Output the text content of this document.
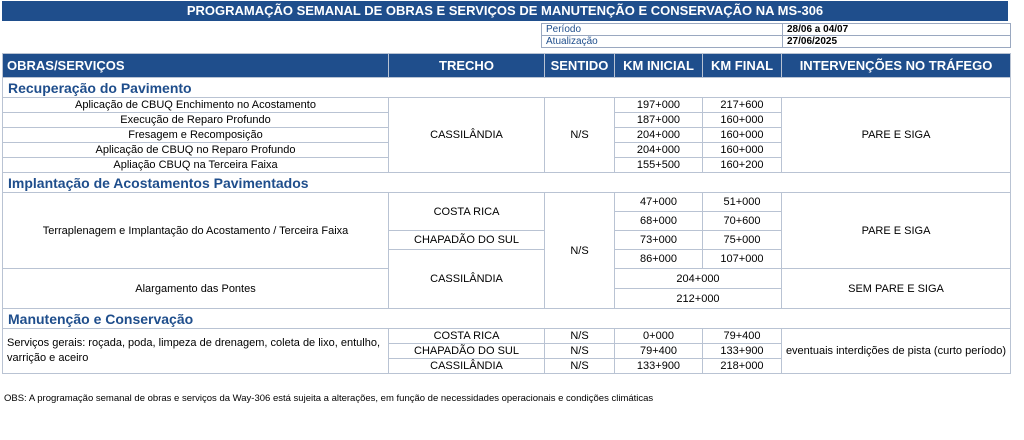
PROGRAMAÇÃO SEMANAL DE OBRAS E SERVIÇOS DE MANUTENÇÃO E CONSERVAÇÃO NA MS-306
Período	28/06 a 04/07
Atualização	27/06/2025
OBRAS/SERVIÇOS	TRECHO	SENTIDO	KM INICIAL	KM FINAL	INTERVENÇÕES NO TRÁFEGO
Recuperação do Pavimento					
Aplicação de CBUQ Enchimento no Acostamento	CASSILÂNDIA	N/S	197+000	217+600	PARE E SIGA
Execução de Reparo Profundo			187+000	160+000	
Fresagem e Recomposição			204+000	160+000	
Aplicação de CBUQ no Reparo Profundo			204+000	160+000	
Apliação CBUQ na Terceira Faixa			155+500	160+200	
Implantação de Acostamentos Pavimentados					
Terraplenagem e Implantação do Acostamento / Terceira Faixa	COSTA RICA	N/S	47+000	51+000	PARE E SIGA
			68+000	70+600	
	CHAPADÃO DO SUL		73+000	75+000	
	CASSILÂNDIA		86+000	107+000	
Alargamento das Pontes			204+000		SEM PARE E SIGA
			212+000		
Manutenção e Conservação					
Serviços gerais: roçada, poda, limpeza de drenagem, coleta de lixo, entulho, varrição e aceiro	COSTA RICA	N/S	0+000	79+400	eventuais interdições de pista (curto período)
	CHAPADÃO DO SUL	N/S	79+400	133+900	
	CASSILÂNDIA	N/S	133+900	218+000	
OBS: A programação semanal de obras e serviços da Way-306 está sujeita a alterações, em função de necessidades operacionais e condições climáticas
